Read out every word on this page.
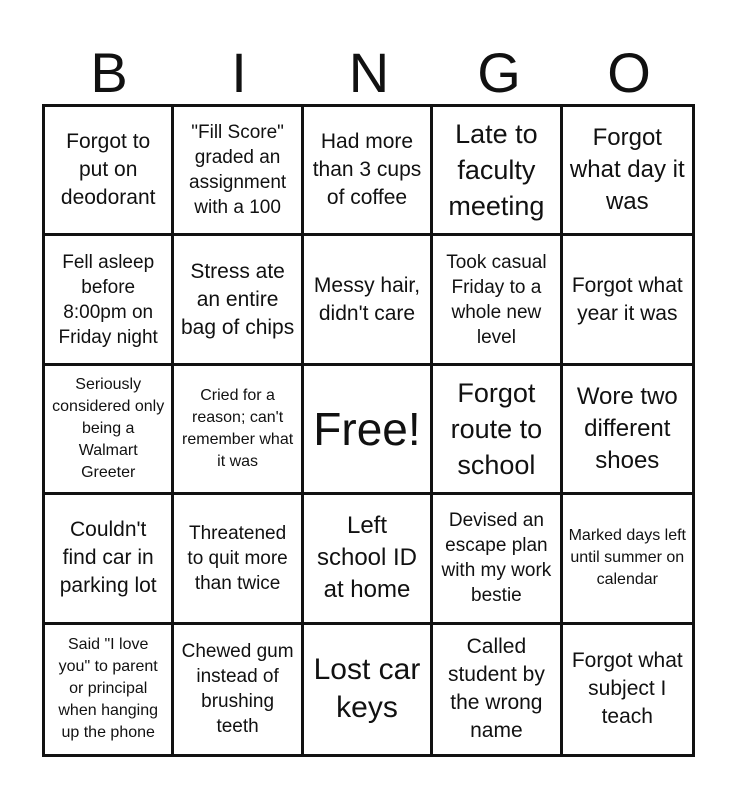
B	I	N	G	O
Forgot to put on deodorant
"Fill Score" graded an assignment with a 100
Had more than 3 cups of coffee
Late to faculty meeting
Forgot what day it was
Fell asleep before 8:00pm on Friday night
Stress ate an entire bag of chips
Messy hair, didn't care
Took casual Friday to a whole new level
Forgot what year it was
Seriously considered only being a Walmart Greeter
Cried for a reason; can't remember what it was
Free!
Forgot route to school
Wore two different shoes
Couldn't find car in parking lot
Threatened to quit more than twice
Left school ID at home
Devised an escape plan with my work bestie
Marked days left until summer on calendar
Said "I love you" to parent or principal when hanging up the phone
Chewed gum instead of brushing teeth
Lost car keys
Called student by the wrong name
Forgot what subject I teach
